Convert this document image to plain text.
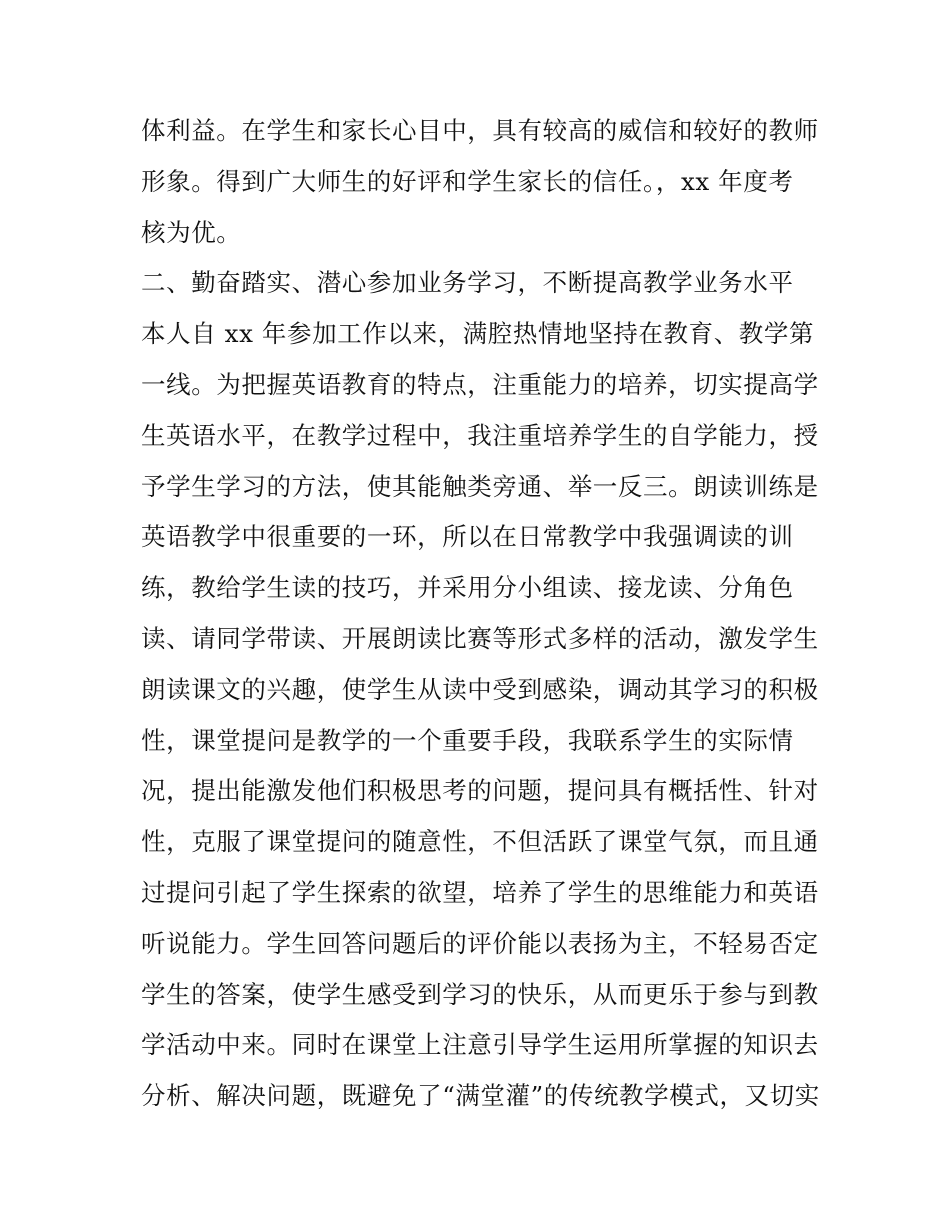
体利益。在学生和家长心目中，具有较高的威信和较好的教师
形象。得到广大师生的好评和学生家长的信任。，xx 年度考
核为优。
二、勤奋踏实、潜心参加业务学习，不断提高教学业务水平
本人自 xx 年参加工作以来，满腔热情地坚持在教育、教学第
一线。为把握英语教育的特点，注重能力的培养，切实提高学
生英语水平，在教学过程中，我注重培养学生的自学能力，授
予学生学习的方法，使其能触类旁通、举一反三。朗读训练是
英语教学中很重要的一环，所以在日常教学中我强调读的训
练，教给学生读的技巧，并采用分小组读、接龙读、分角色
读、请同学带读、开展朗读比赛等形式多样的活动，激发学生
朗读课文的兴趣，使学生从读中受到感染，调动其学习的积极
性，课堂提问是教学的一个重要手段，我联系学生的实际情
况，提出能激发他们积极思考的问题，提问具有概括性、针对
性，克服了课堂提问的随意性，不但活跃了课堂气氛，而且通
过提问引起了学生探索的欲望，培养了学生的思维能力和英语
听说能力。学生回答问题后的评价能以表扬为主，不轻易否定
学生的答案，使学生感受到学习的快乐，从而更乐于参与到教
学活动中来。同时在课堂上注意引导学生运用所掌握的知识去
分析、解决问题，既避免了“满堂灌”的传统教学模式，又切实
